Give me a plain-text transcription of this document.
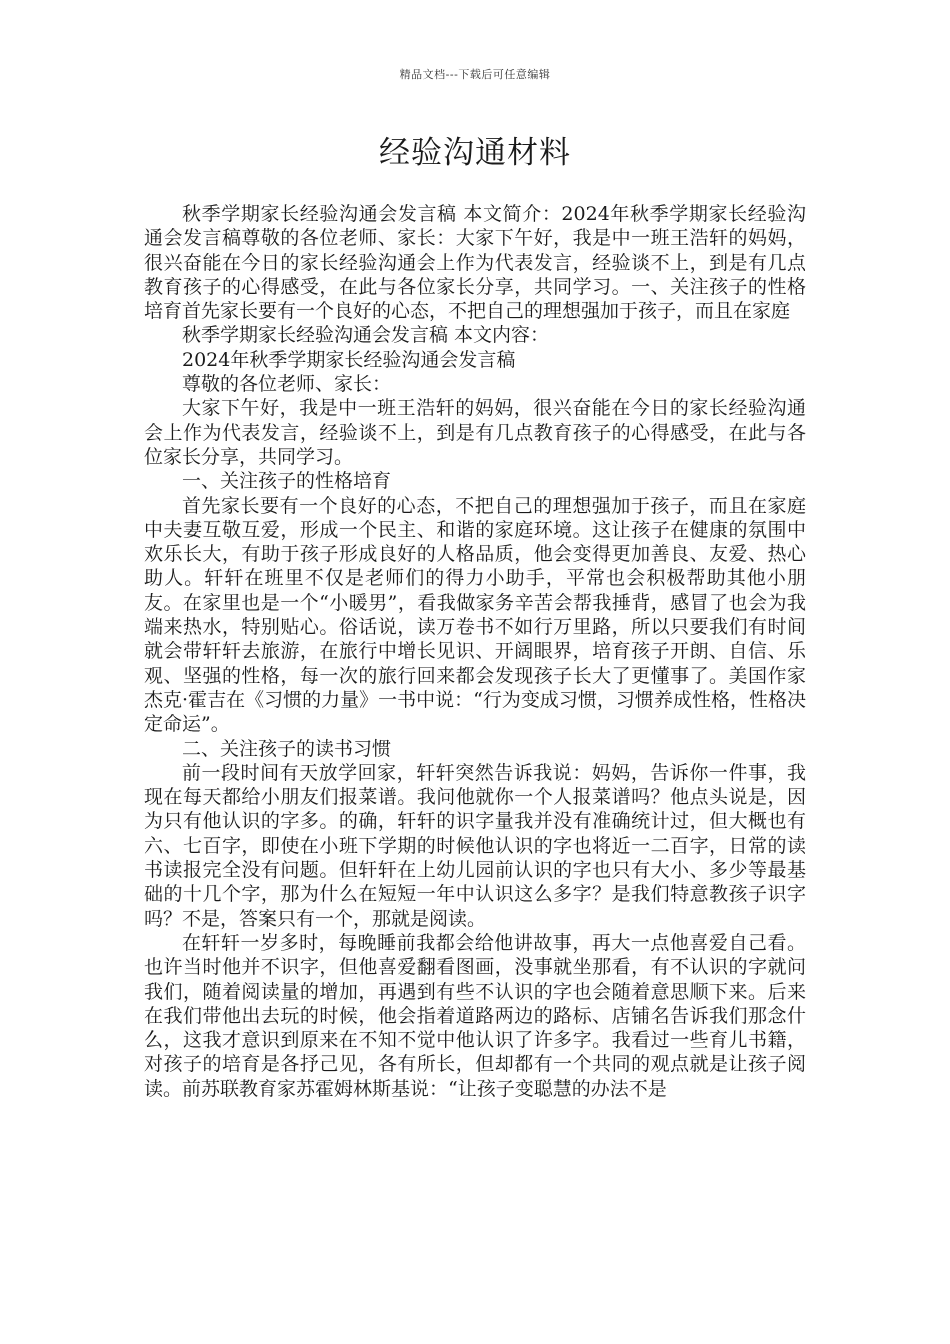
精品文档---下载后可任意编辑
经验沟通材料

秋季学期家长经验沟通会发言稿 本文简介：2024年秋季学期家长经验沟通会发言稿尊敬的各位老师、家长：大家下午好，我是中一班王浩轩的妈妈，很兴奋能在今日的家长经验沟通会上作为代表发言，经验谈不上，到是有几点教育孩子的心得感受，在此与各位家长分享，共同学习。一、关注孩子的性格培育首先家长要有一个良好的心态，不把自己的理想强加于孩子，而且在家庭

秋季学期家长经验沟通会发言稿 本文内容：

2024年秋季学期家长经验沟通会发言稿

尊敬的各位老师、家长：

大家下午好，我是中一班王浩轩的妈妈，很兴奋能在今日的家长经验沟通会上作为代表发言，经验谈不上，到是有几点教育孩子的心得感受，在此与各位家长分享，共同学习。

一、关注孩子的性格培育

首先家长要有一个良好的心态，不把自己的理想强加于孩子，而且在家庭中夫妻互敬互爱，形成一个民主、和谐的家庭环境。这让孩子在健康的氛围中欢乐长大，有助于孩子形成良好的人格品质，他会变得更加善良、友爱、热心助人。轩轩在班里不仅是老师们的得力小助手，平常也会积极帮助其他小朋友。在家里也是一个“小暖男”，看我做家务辛苦会帮我捶背，感冒了也会为我端来热水，特别贴心。俗话说，读万卷书不如行万里路，所以只要我们有时间就会带轩轩去旅游，在旅行中增长见识、开阔眼界，培育孩子开朗、自信、乐观、坚强的性格，每一次的旅行回来都会发现孩子长大了更懂事了。美国作家杰克·霍吉在《习惯的力量》一书中说：“行为变成习惯，习惯养成性格，性格决定命运”。

二、关注孩子的读书习惯

前一段时间有天放学回家，轩轩突然告诉我说：妈妈，告诉你一件事，我现在每天都给小朋友们报菜谱。我问他就你一个人报菜谱吗？他点头说是，因为只有他认识的字多。的确，轩轩的识字量我并没有准确统计过，但大概也有六、七百字，即使在小班下学期的时候他认识的字也将近一二百字，日常的读书读报完全没有问题。但轩轩在上幼儿园前认识的字也只有大小、多少等最基础的十几个字，那为什么在短短一年中认识这么多字？是我们特意教孩子识字吗？不是，答案只有一个，那就是阅读。

在轩轩一岁多时，每晚睡前我都会给他讲故事，再大一点他喜爱自己看。也许当时他并不识字，但他喜爱翻看图画，没事就坐那看，有不认识的字就问我们，随着阅读量的增加，再遇到有些不认识的字也会随着意思顺下来。后来在我们带他出去玩的时候，他会指着道路两边的路标、店铺名告诉我们那念什么，这我才意识到原来在不知不觉中他认识了许多字。我看过一些育儿书籍，对孩子的培育是各抒己见，各有所长，但却都有一个共同的观点就是让孩子阅读。前苏联教育家苏霍姆林斯基说：“让孩子变聪慧的办法不是
